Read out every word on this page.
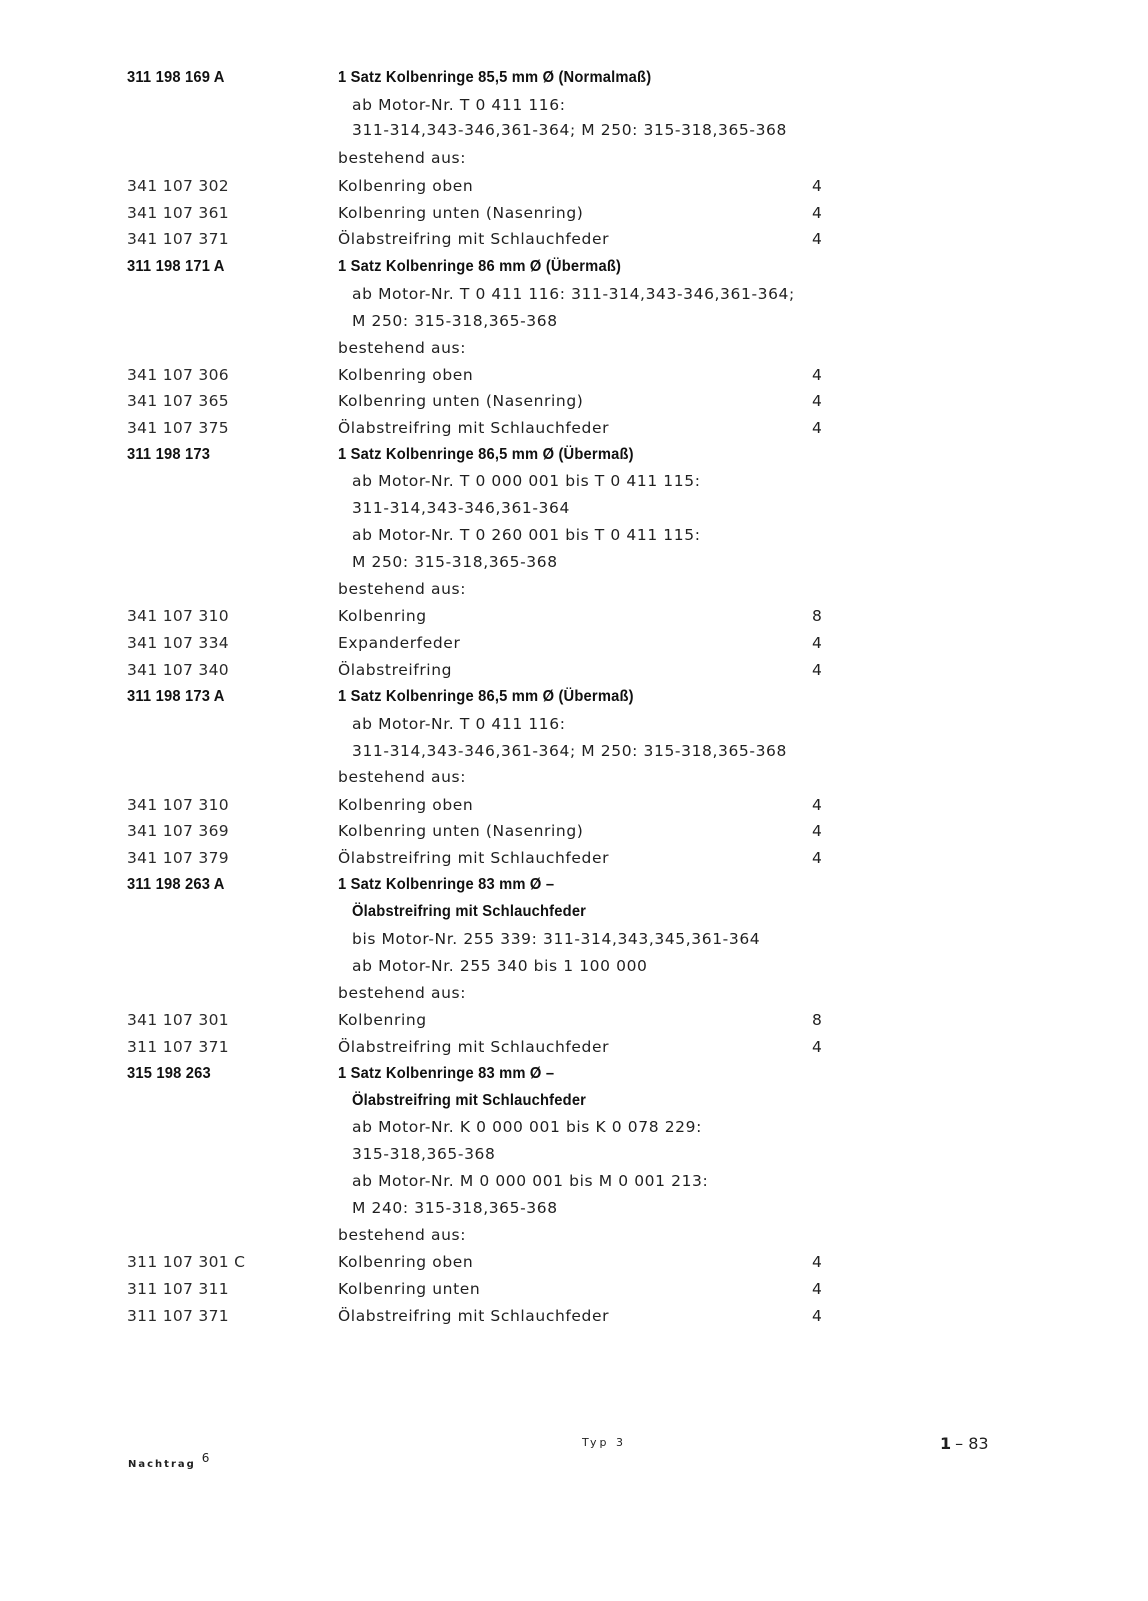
311 198 169 A	1 Satz Kolbenringe 85,5 mm Ø (Normalmaß)
ab Motor-Nr. T 0 411 116:
311-314,343-346,361-364; M 250: 315-318,365-368
bestehend aus:
341 107 302	Kolbenring oben	4
341 107 361	Kolbenring unten (Nasenring)	4
341 107 371	Ölabstreifring mit Schlauchfeder	4
311 198 171 A	1 Satz Kolbenringe 86 mm Ø (Übermaß)
ab Motor-Nr. T 0 411 116: 311-314,343-346,361-364;
M 250: 315-318,365-368
bestehend aus:
341 107 306	Kolbenring oben	4
341 107 365	Kolbenring unten (Nasenring)	4
341 107 375	Ölabstreifring mit Schlauchfeder	4
311 198 173	1 Satz Kolbenringe 86,5 mm Ø (Übermaß)
ab Motor-Nr. T 0 000 001 bis T 0 411 115:
311-314,343-346,361-364
ab Motor-Nr. T 0 260 001 bis T 0 411 115:
M 250: 315-318,365-368
bestehend aus:
341 107 310	Kolbenring	8
341 107 334	Expanderfeder	4
341 107 340	Ölabstreifring	4
311 198 173 A	1 Satz Kolbenringe 86,5 mm Ø (Übermaß)
ab Motor-Nr. T 0 411 116:
311-314,343-346,361-364; M 250: 315-318,365-368
bestehend aus:
341 107 310	Kolbenring oben	4
341 107 369	Kolbenring unten (Nasenring)	4
341 107 379	Ölabstreifring mit Schlauchfeder	4
311 198 263 A	1 Satz Kolbenringe 83 mm Ø –
Ölabstreifring mit Schlauchfeder
bis Motor-Nr. 255 339: 311-314,343,345,361-364
ab Motor-Nr. 255 340 bis 1 100 000
bestehend aus:
341 107 301	Kolbenring	8
311 107 371	Ölabstreifring mit Schlauchfeder	4
315 198 263	1 Satz Kolbenringe 83 mm Ø –
Ölabstreifring mit Schlauchfeder
ab Motor-Nr. K 0 000 001 bis K 0 078 229:
315-318,365-368
ab Motor-Nr. M 0 000 001 bis M 0 001 213:
M 240: 315-318,365-368
bestehend aus:
311 107 301 C	Kolbenring oben	4
311 107 311	Kolbenring unten	4
311 107 371	Ölabstreifring mit Schlauchfeder	4
Nachtrag 6
Typ 3	1 – 83
